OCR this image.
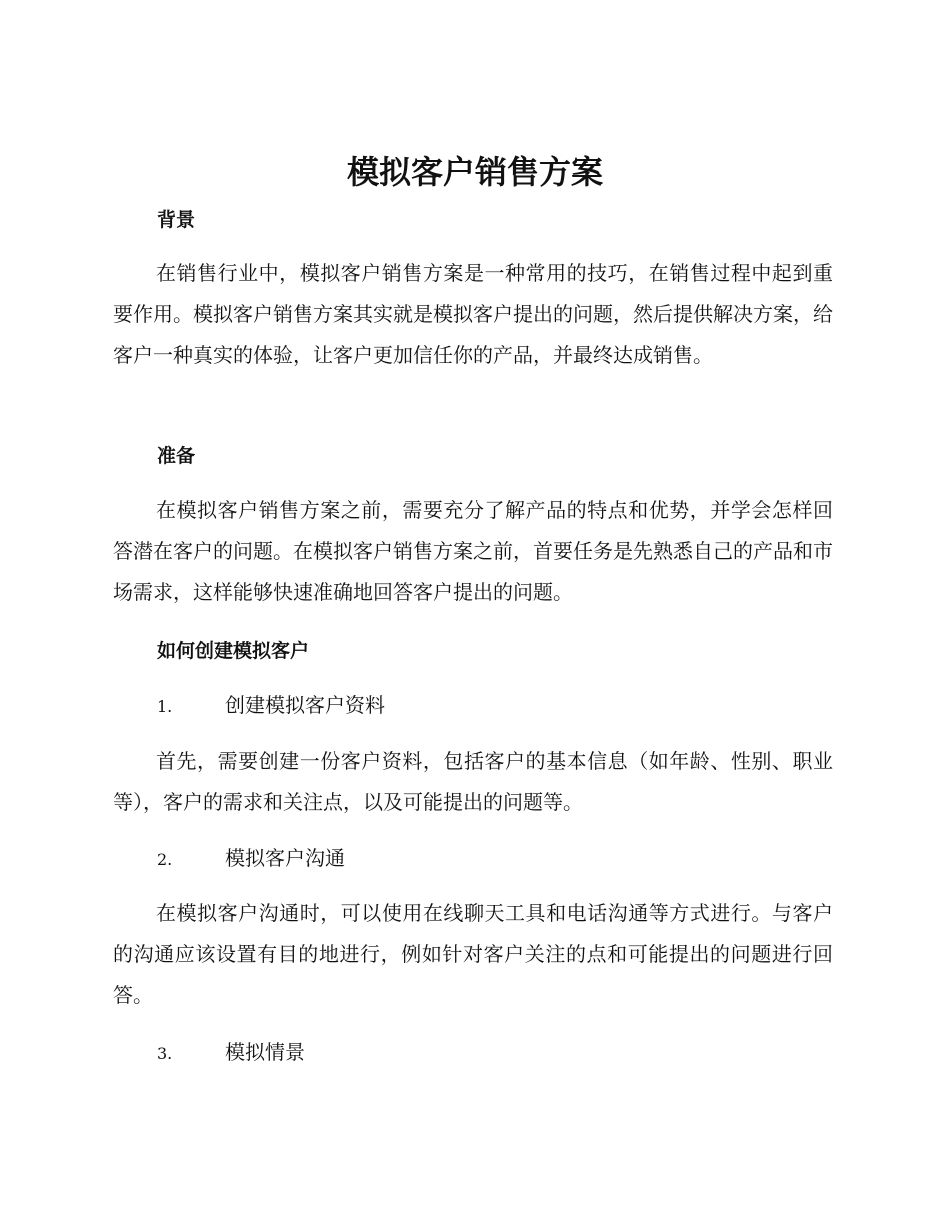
模拟客户销售方案
背景

在销售行业中，模拟客户销售方案是一种常用的技巧，在销售过程中起到重要作用。模拟客户销售方案其实就是模拟客户提出的问题，然后提供解决方案，给客户一种真实的体验，让客户更加信任你的产品，并最终达成销售。

准备

在模拟客户销售方案之前，需要充分了解产品的特点和优势，并学会怎样回答潜在客户的问题。在模拟客户销售方案之前，首要任务是先熟悉自己的产品和市场需求，这样能够快速准确地回答客户提出的问题。

如何创建模拟客户
1.	创建模拟客户资料

首先，需要创建一份客户资料，包括客户的基本信息（如年龄、性别、职业等），客户的需求和关注点，以及可能提出的问题等。

2.	模拟客户沟通

在模拟客户沟通时，可以使用在线聊天工具和电话沟通等方式进行。与客户的沟通应该设置有目的地进行，例如针对客户关注的点和可能提出的问题进行回答。

3.	模拟情景
